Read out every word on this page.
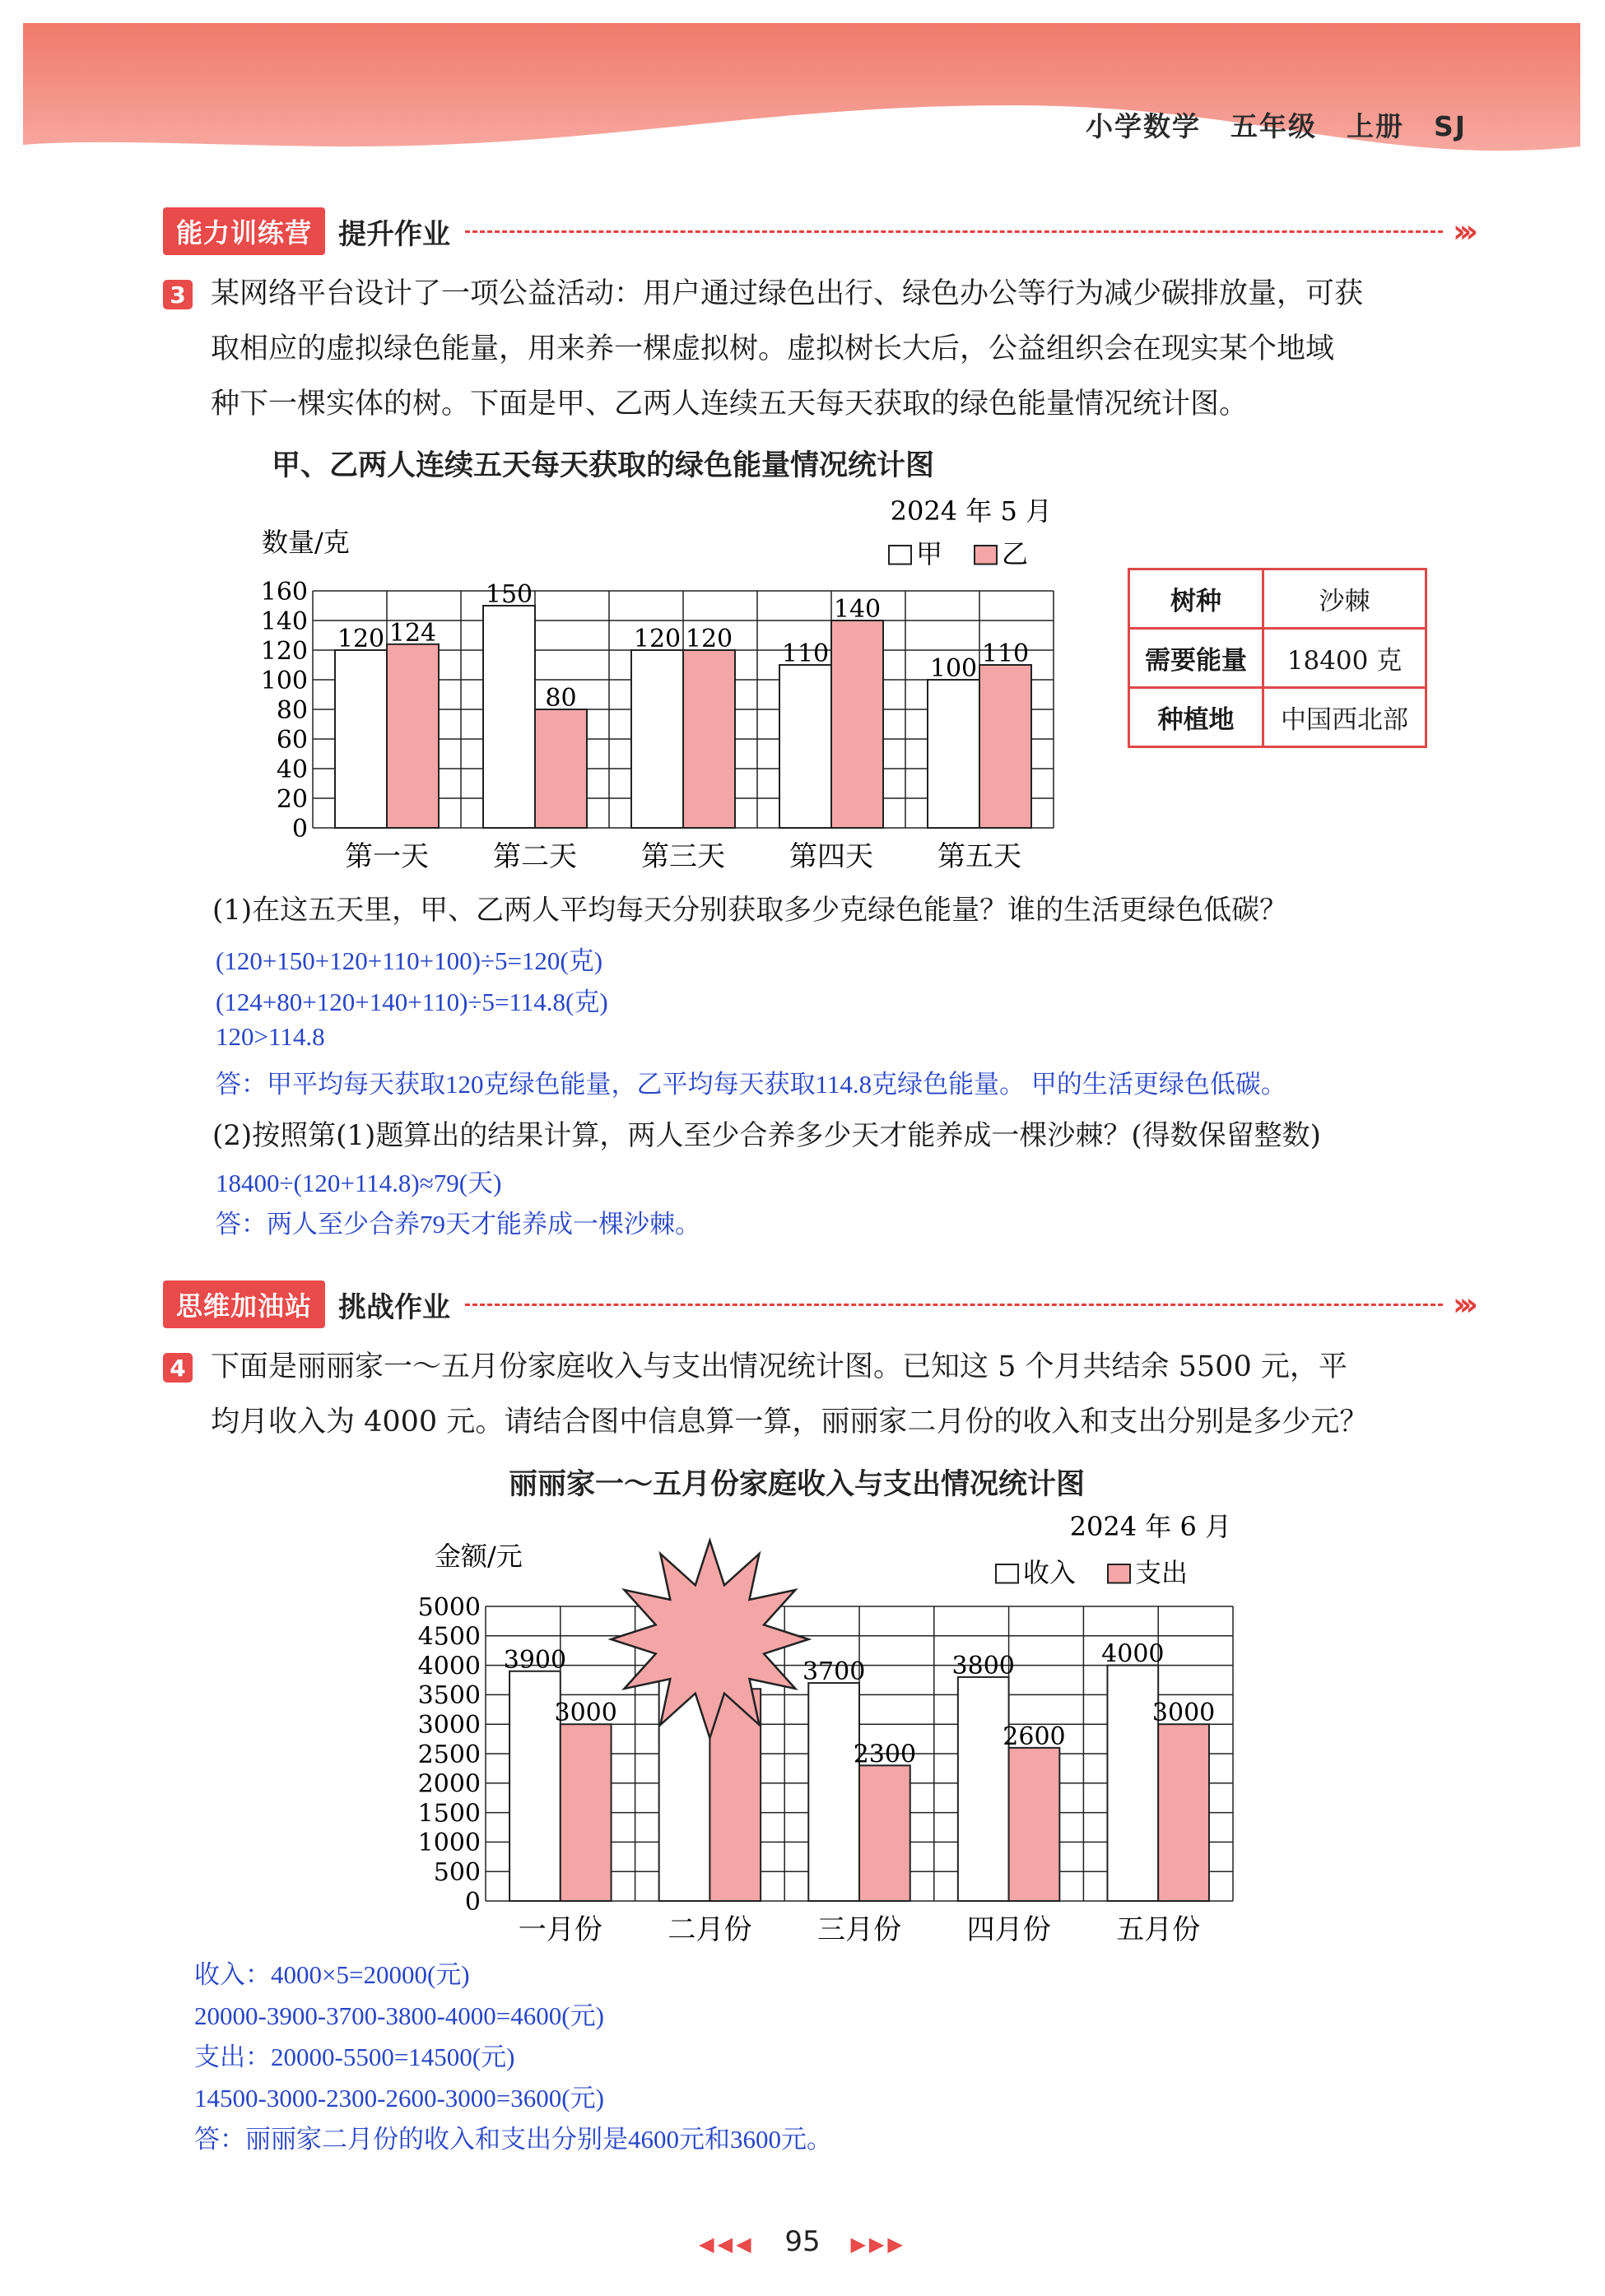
小学数学 五年级 上册 SJ
能力训练营 提升作业	›››
3 某网络平台设计了一项公益活动：用户通过绿色出行、绿色办公等行为减少碳排放量，可获
取相应的虚拟绿色能量，用来养一棵虚拟树。虚拟树长大后，公益组织会在现实某个地域
种下一棵实体的树。下面是甲、乙两人连续五天每天获取的绿色能量情况统计图。
甲、乙两人连续五天每天获取的绿色能量情况统计图
0
20
40
60
80
100
120
140
160
数量/克
2024 年 5 月
甲 乙
120 124
第一天
150
80
第二天
120 120
第三天
110
140
第四天
100
110
第五天
树种	沙棘
需要能量	18400 克
种植地	中国西北部
(1)在这五天里，甲、乙两人平均每天分别获取多少克绿色能量？谁的生活更绿色低碳？
(120+150+120+110+100)÷5=120(克)
(124+80+120+140+110)÷5=114.8(克)
120>114.8
答：甲平均每天获取120克绿色能量，乙平均每天获取114.8克绿色能量。 甲的生活更绿色低碳。
(2)按照第(1)题算出的结果计算，两人至少合养多少天才能养成一棵沙棘？(得数保留整数)
18400÷(120+114.8)≈79(天)
答：两人至少合养79天才能养成一棵沙棘。
思维加油站 挑战作业	›››
4 下面是丽丽家一～五月份家庭收入与支出情况统计图。已知这 5 个月共结余 5500 元，平
均月收入为 4000 元。请结合图中信息算一算，丽丽家二月份的收入和支出分别是多少元？
丽丽家一～五月份家庭收入与支出情况统计图
0
500
1000
1500
2000
2500
3000
3500
4000
4500
5000
金额/元
2024 年 6 月
收入 支出
3900
3000
一月份 二月份
3700
2300
三月份
3800
2600
四月份
4000
3000
五月份
收入：4000×5=20000(元)
20000-3900-3700-3800-4000=4600(元)
支出：20000-5500=14500(元)
14500-3000-2300-2600-3000=3600(元)
答：丽丽家二月份的收入和支出分别是4600元和3600元。
◀◀◀ 95 ▶▶▶
